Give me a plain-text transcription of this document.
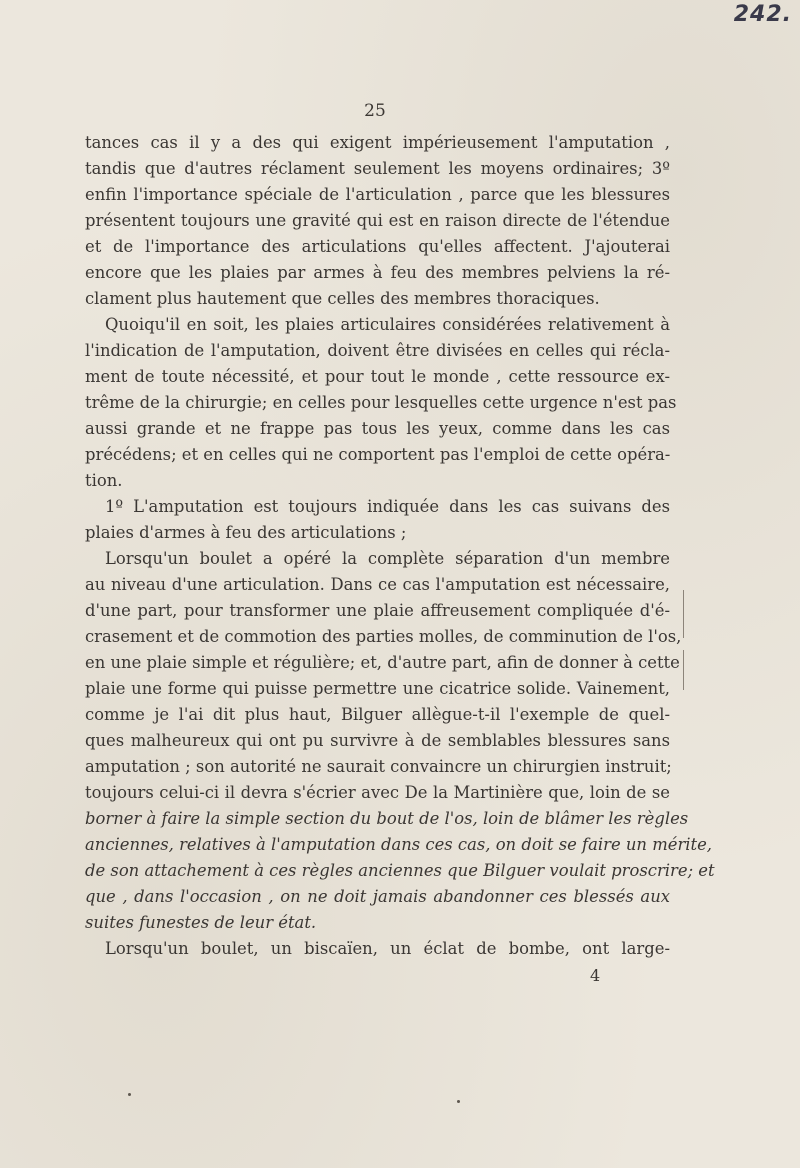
242.
25
tances cas il y a des qui exigent impérieusement l'amputation ,
tandis que d'autres réclament seulement les moyens ordinaires; 3º
enfin l'importance spéciale de l'articulation , parce que les blessures
présentent toujours une gravité qui est en raison directe de l'étendue
et de l'importance des articulations qu'elles affectent. J'ajouterai
encore que les plaies par armes à feu des membres pelviens la ré-
clament plus hautement que celles des membres thoraciques.
Quoiqu'il en soit, les plaies articulaires considérées relativement à
l'indication de l'amputation, doivent être divisées en celles qui récla-
ment de toute nécessité, et pour tout le monde , cette ressource ex-
trême de la chirurgie; en celles pour lesquelles cette urgence n'est pas
aussi grande et ne frappe pas tous les yeux, comme dans les cas
précédens; et en celles qui ne comportent pas l'emploi de cette opéra-
tion.
1º L'amputation est toujours indiquée dans les cas suivans des
plaies d'armes à feu des articulations ;
Lorsqu'un boulet a opéré la complète séparation d'un membre
au niveau d'une articulation. Dans ce cas l'amputation est nécessaire,
d'une part, pour transformer une plaie affreusement compliquée d'é-
crasement et de commotion des parties molles, de comminution de l'os,
en une plaie simple et régulière; et, d'autre part, afin de donner à cette
plaie une forme qui puisse permettre une cicatrice solide. Vainement,
comme je l'ai dit plus haut, Bilguer allègue-t-il l'exemple de quel-
ques malheureux qui ont pu survivre à de semblables blessures sans
amputation ; son autorité ne saurait convaincre un chirurgien instruit;
toujours celui-ci il devra s'écrier avec De la Martinière que, loin de se
borner à faire la simple section du bout de l'os, loin de blâmer les règles
anciennes, relatives à l'amputation dans ces cas, on doit se faire un mérite,
de son attachement à ces règles anciennes que Bilguer voulait proscrire; et
que , dans l'occasion , on ne doit jamais abandonner ces blessés aux
suites funestes de leur état.
Lorsqu'un boulet, un biscaïen, un éclat de bombe, ont large-
4
